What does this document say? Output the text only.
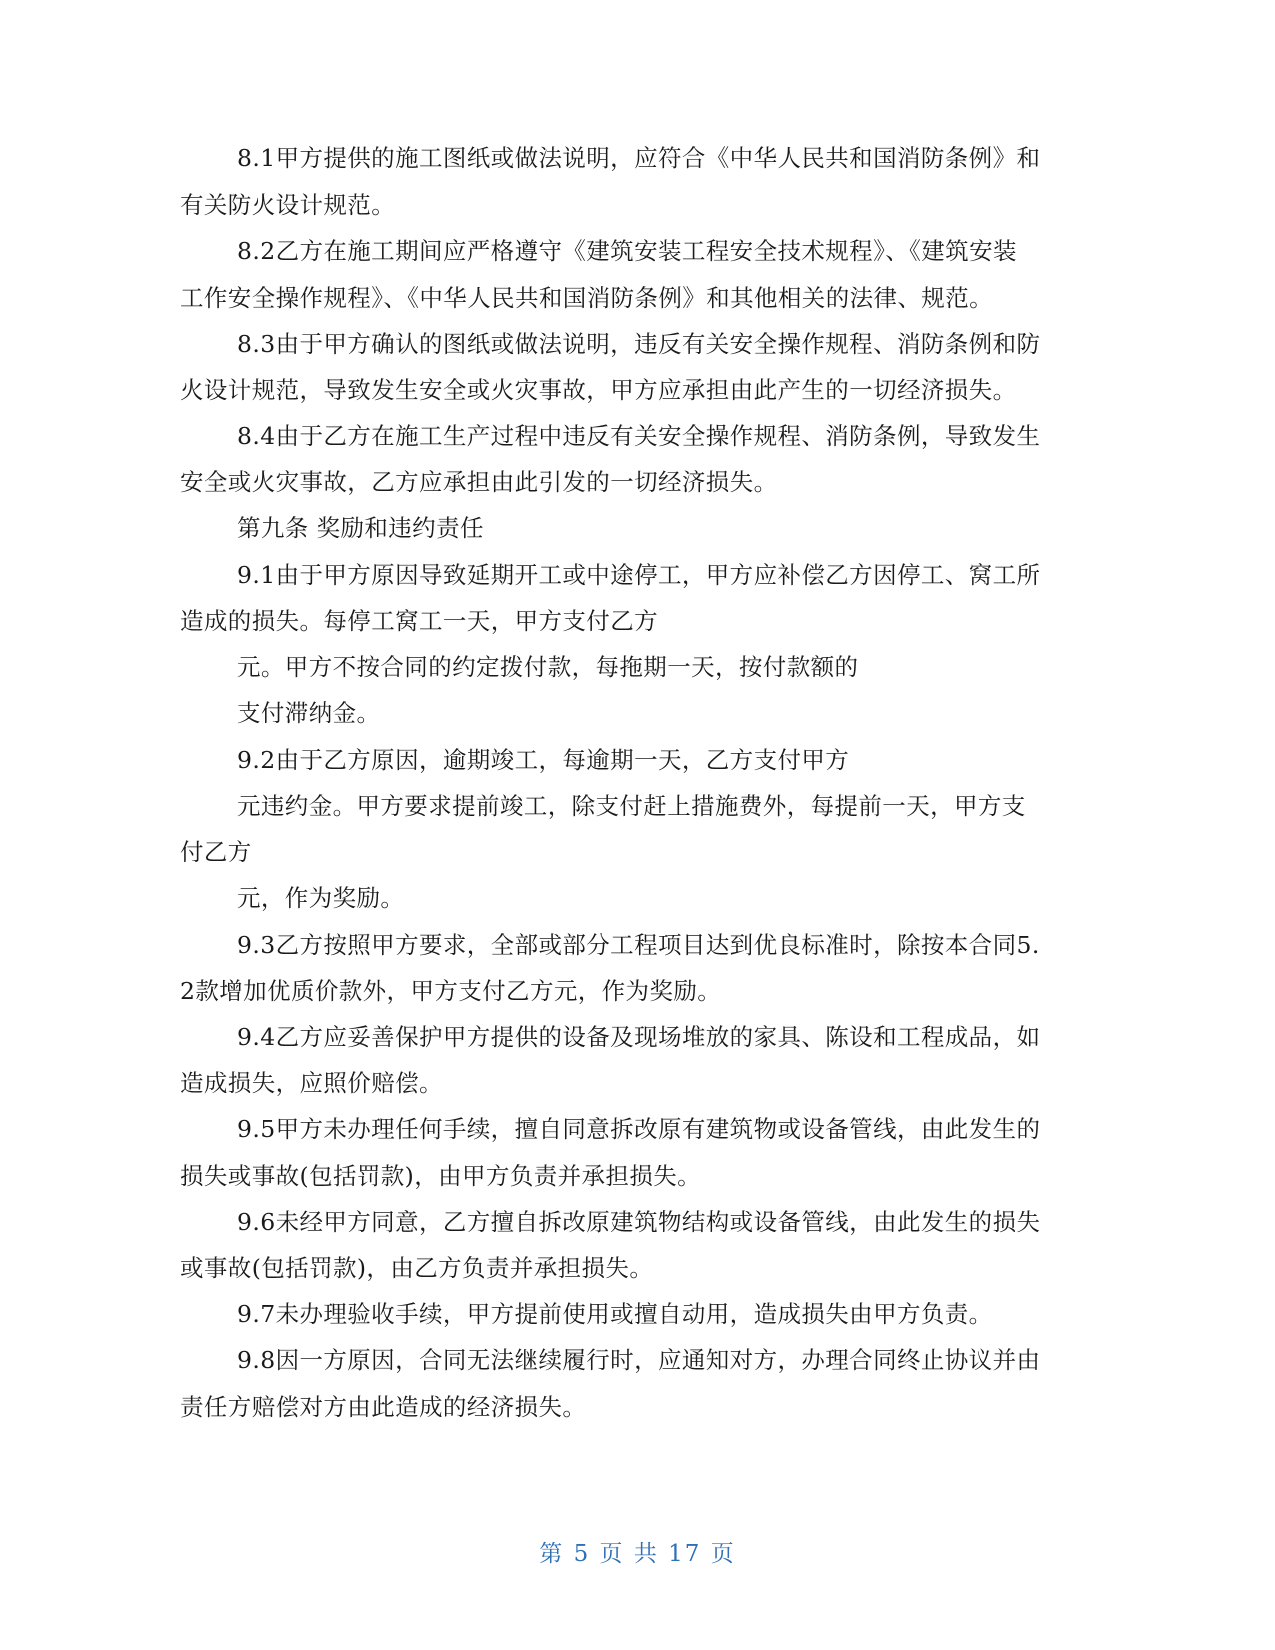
8.1甲方提供的施工图纸或做法说明，应符合《中华人民共和国消防条例》和
有关防火设计规范。
8.2乙方在施工期间应严格遵守《建筑安装工程安全技术规程》、《建筑安装
工作安全操作规程》、《中华人民共和国消防条例》和其他相关的法律、规范。
8.3由于甲方确认的图纸或做法说明，违反有关安全操作规程、消防条例和防
火设计规范，导致发生安全或火灾事故，甲方应承担由此产生的一切经济损失。
8.4由于乙方在施工生产过程中违反有关安全操作规程、消防条例，导致发生
安全或火灾事故，乙方应承担由此引发的一切经济损失。
第九条 奖励和违约责任
9.1由于甲方原因导致延期开工或中途停工，甲方应补偿乙方因停工、窝工所
造成的损失。每停工窝工一天，甲方支付乙方
元。甲方不按合同的约定拨付款，每拖期一天，按付款额的
支付滞纳金。
9.2由于乙方原因，逾期竣工，每逾期一天，乙方支付甲方
元违约金。甲方要求提前竣工，除支付赶上措施费外，每提前一天，甲方支
付乙方
元，作为奖励。
9.3乙方按照甲方要求，全部或部分工程项目达到优良标准时，除按本合同5.
2款增加优质价款外，甲方支付乙方元，作为奖励。
9.4乙方应妥善保护甲方提供的设备及现场堆放的家具、陈设和工程成品，如
造成损失，应照价赔偿。
9.5甲方未办理任何手续，擅自同意拆改原有建筑物或设备管线，由此发生的
损失或事故(包括罚款)，由甲方负责并承担损失。
9.6未经甲方同意，乙方擅自拆改原建筑物结构或设备管线，由此发生的损失
或事故(包括罚款)，由乙方负责并承担损失。
9.7未办理验收手续，甲方提前使用或擅自动用，造成损失由甲方负责。
9.8因一方原因，合同无法继续履行时，应通知对方，办理合同终止协议并由
责任方赔偿对方由此造成的经济损失。
第 5 页 共 17 页
